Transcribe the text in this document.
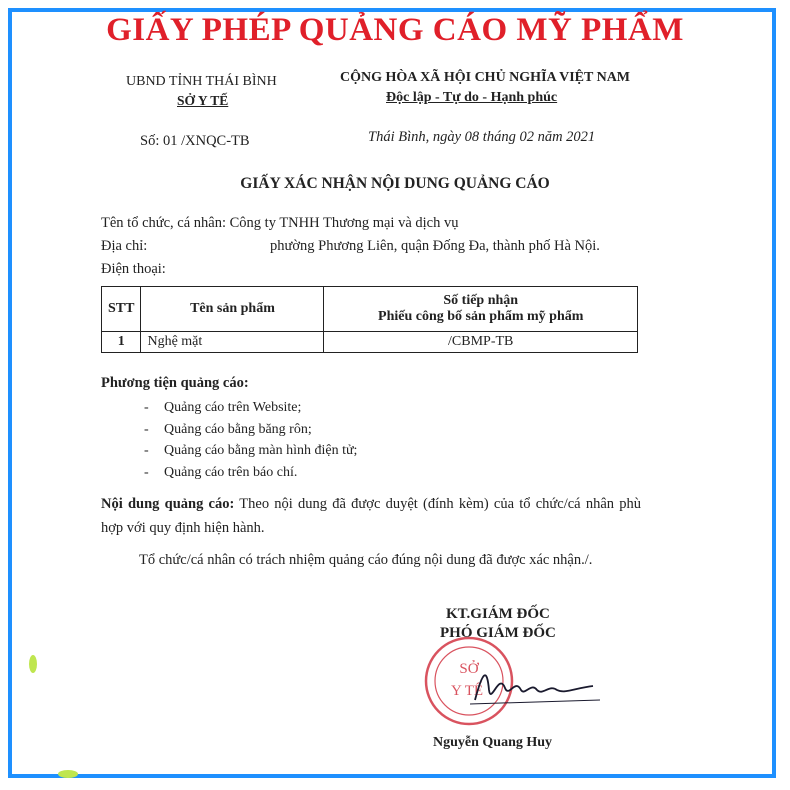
GIẤY PHÉP QUẢNG CÁO MỸ PHẨM
UBND TỈNH THÁI BÌNH
SỞ Y TẾ
CỘNG HÒA XÃ HỘI CHỦ NGHĨA VIỆT NAM
Độc lập - Tự do - Hạnh phúc
Số: 01 /XNQC-TB	Thái Bình, ngày 08 tháng 02 năm 2021
GIẤY XÁC NHẬN NỘI DUNG QUẢNG CÁO
Tên tổ chức, cá nhân: Công ty TNHH Thương mại và dịch vụ
Địa chỉ:	phường Phương Liên, quận Đống Đa, thành phố Hà Nội.
Điện thoại:
STT	Tên sản phẩm	Số tiếp nhận
Phiếu công bố sản phẩm mỹ phẩm

1	Nghệ mặt	/CBMP-TB
Phương tiện quảng cáo:
- Quảng cáo trên Website;
- Quảng cáo bằng băng rôn;
- Quảng cáo bằng màn hình điện tử;
- Quảng cáo trên báo chí.
Nội dung quảng cáo: Theo nội dung đã được duyệt (đính kèm) của tổ chức/cá nhân phù hợp với quy định hiện hành.
Tổ chức/cá nhân có trách nhiệm quảng cáo đúng nội dung đã được xác nhận./.
KT.GIÁM ĐỐC
PHÓ GIÁM ĐỐC
SỞ
Y TẾ
Nguyễn Quang Huy
